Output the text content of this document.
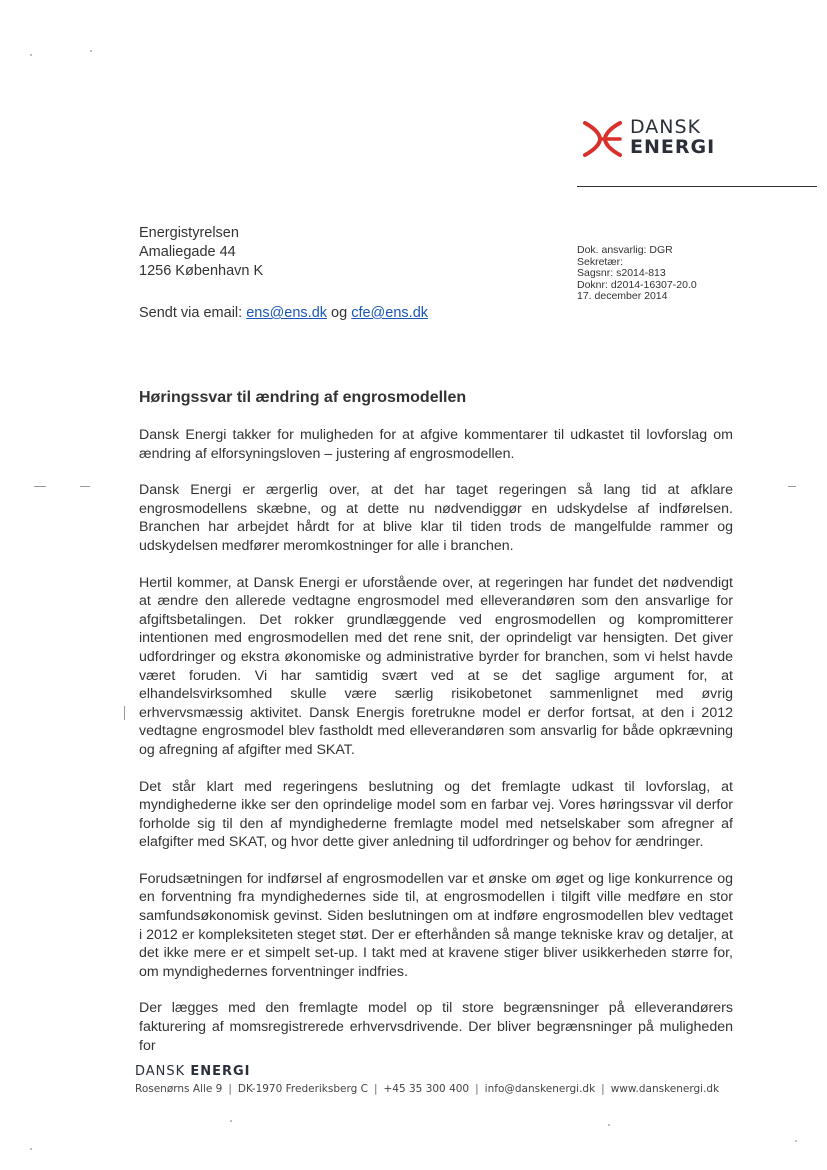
DANSK
ENERGI
Energistyrelsen
Amaliegade 44
1256 København K
Dok. ansvarlig: DGR
Sekretær:
Sagsnr: s2014-813
Doknr: d2014-16307-20.0
17. december 2014
Sendt via email: ens@ens.dk og cfe@ens.dk
Høringssvar til ændring af engrosmodellen

Dansk Energi takker for muligheden for at afgive kommentarer til udkastet til lovforslag om ændring af elforsyningsloven – justering af engrosmodellen.

Dansk Energi er ærgerlig over, at det har taget regeringen så lang tid at afklare engrosmodellens skæbne, og at dette nu nødvendiggør en udskydelse af indførelsen. Branchen har arbejdet hårdt for at blive klar til tiden trods de mangelfulde rammer og udskydelsen medfører meromkostninger for alle i branchen.

Hertil kommer, at Dansk Energi er uforstående over, at regeringen har fundet det nødvendigt at ændre den allerede vedtagne engrosmodel med elleverandøren som den ansvarlige for afgiftsbetalingen. Det rokker grundlæggende ved engrosmodellen og kompromitterer intentionen med engrosmodellen med det rene snit, der oprindeligt var hensigten. Det giver udfordringer og ekstra økonomiske og administrative byrder for branchen, som vi helst havde været foruden. Vi har samtidig svært ved at se det saglige argument for, at elhandelsvirksomhed skulle være særlig risikobetonet sammenlignet med øvrig erhvervsmæssig aktivitet. Dansk Energis foretrukne model er derfor fortsat, at den i 2012 vedtagne engrosmodel blev fastholdt med elleverandøren som ansvarlig for både opkrævning og afregning af afgifter med SKAT.

Det står klart med regeringens beslutning og det fremlagte udkast til lovforslag, at myndighederne ikke ser den oprindelige model som en farbar vej. Vores høringssvar vil derfor forholde sig til den af myndighederne fremlagte model med netselskaber som afregner af elafgifter med SKAT, og hvor dette giver anledning til udfordringer og behov for ændringer.

Forudsætningen for indførsel af engrosmodellen var et ønske om øget og lige konkurrence og en forventning fra myndighedernes side til, at engrosmodellen i tilgift ville medføre en stor samfundsøkonomisk gevinst. Siden beslutningen om at indføre engrosmodellen blev vedtaget i 2012 er kompleksiteten steget støt. Der er efterhånden så mange tekniske krav og detaljer, at det ikke mere er et simpelt set-up. I takt med at kravene stiger bliver usikkerheden større for, om myndighedernes forventninger indfries.

Der lægges med den fremlagte model op til store begrænsninger på elleverandørers fakturering af momsregistrerede erhvervsdrivende. Der bliver begrænsninger på muligheden for

DANSK ENERGI
Rosenørns Alle 9 | DK-1970 Frederiksberg C | +45 35 300 400 | info@danskenergi.dk | www.danskenergi.dk
